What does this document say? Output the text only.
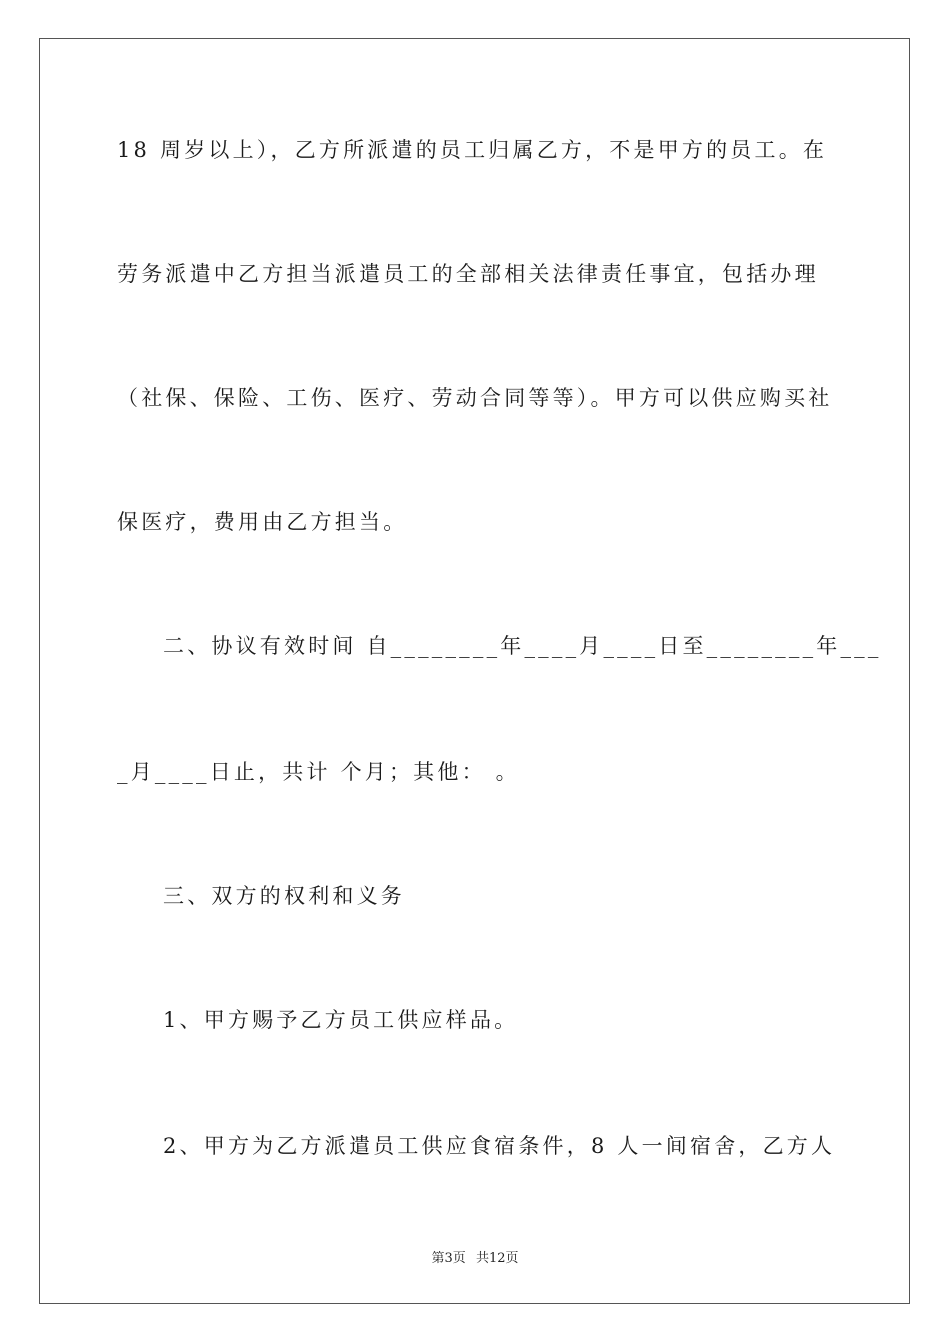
18 周岁以上），乙方所派遣的员工归属乙方，不是甲方的员工。在
劳务派遣中乙方担当派遣员工的全部相关法律责任事宜，包括办理
（社保、保险、工伤、医疗、劳动合同等等）。甲方可以供应购买社
保医疗，费用由乙方担当。
二、协议有效时间 自________年____月____日至________年___
_月____日止，共计 个月；其他： 。
三、双方的权利和义务
1、甲方赐予乙方员工供应样品。
2、甲方为乙方派遣员工供应食宿条件，8 人一间宿舍，乙方人
第3页 共12页
